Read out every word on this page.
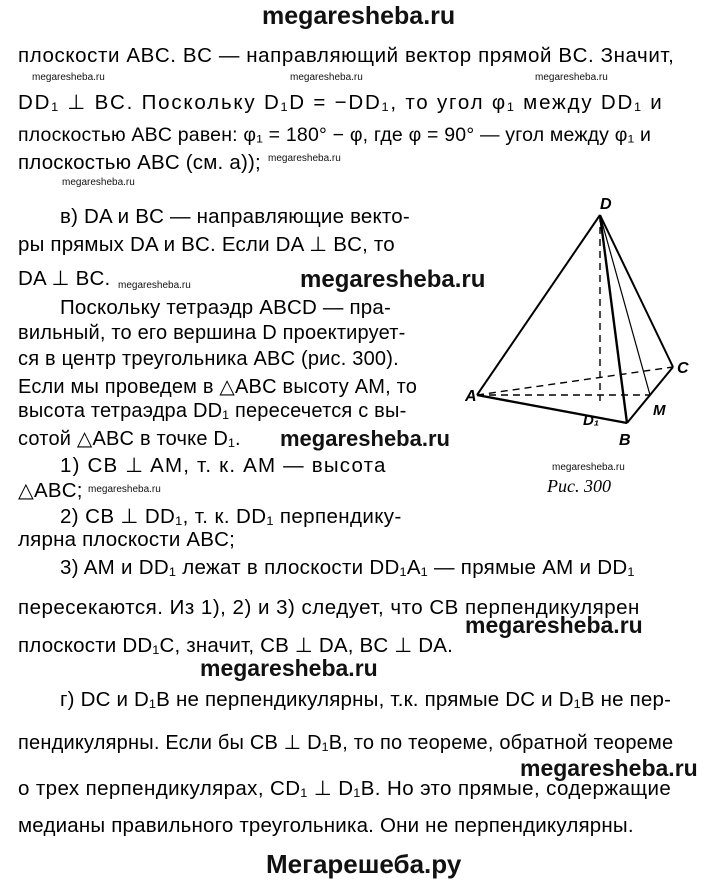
megaresheba.ru
плоскости ABC. BC — направляющий вектор прямой BC. Значит,
megaresheba.ru	megaresheba.ru	megaresheba.ru
DD₁ ⊥ BC. Поскольку D₁D = −DD₁, то угол φ₁ между DD₁ и
плоскостью ABC равен: φ₁ = 180° − φ, где φ = 90° — угол между φ₁ и
плоскостью ABC (см. а)); megaresheba.ru
megaresheba.ru
в) DA и BC — направляющие векто-
ры прямых DA и BC. Если DA ⊥ BC, то
DA ⊥ BC. megaresheba.ru	megaresheba.ru
Поскольку тетраэдр ABCD — пра-
вильный, то его вершина D проектирует-
ся в центр треугольника ABC (рис. 300).
Если мы проведем в △ABC высоту AM, то
высота тетраэдра DD₁ пересечется с вы-
сотой △ABC в точке D₁. megaresheba.ru
1) CB ⊥ AM, т. к. AM — высота
△ABC; megaresheba.ru
2) CB ⊥ DD₁, т. к. DD₁ перпендику-
лярна плоскости ABC;
3) AM и DD₁ лежат в плоскости DD₁A₁ — прямые AM и DD₁
пересекаются. Из 1), 2) и 3) следует, что CB перпендикулярен
плоскости DD₁C, значит, CB ⊥ DA, BC ⊥ DA.
megaresheba.ru
megaresheba.ru
г) DC и D₁B не перпендикулярны, т.к. прямые DC и D₁B не пер-
пендикулярны. Если бы CB ⊥ D₁B, то по теореме, обратной теореме
megaresheba.ru
о трех перпендикулярах, CD₁ ⊥ D₁B. Но это прямые, содержащие
медианы правильного треугольника. Они не перпендикулярны.
Мегарешеба.ру
D
A
C
M
B
D₁
megaresheba.ru
Рис. 300
